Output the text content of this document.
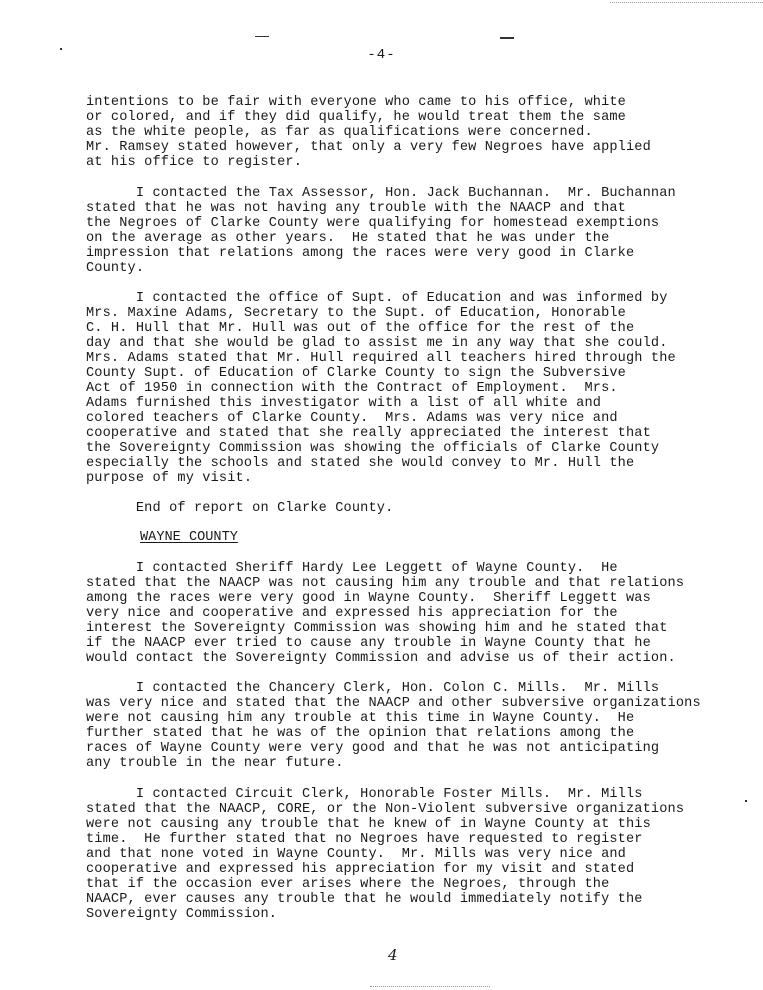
-4-

intentions to be fair with everyone who came to his office, white
or colored, and if they did qualify, he would treat them the same
as the white people, as far as qualifications were concerned.
Mr. Ramsey stated however, that only a very few Negroes have applied
at his office to register.

I contacted the Tax Assessor, Hon. Jack Buchannan.  Mr. Buchannan
stated that he was not having any trouble with the NAACP and that
the Negroes of Clarke County were qualifying for homestead exemptions
on the average as other years.  He stated that he was under the
impression that relations among the races were very good in Clarke
County.

I contacted the office of Supt. of Education and was informed by
Mrs. Maxine Adams, Secretary to the Supt. of Education, Honorable
C. H. Hull that Mr. Hull was out of the office for the rest of the
day and that she would be glad to assist me in any way that she could.
Mrs. Adams stated that Mr. Hull required all teachers hired through the
County Supt. of Education of Clarke County to sign the Subversive
Act of 1950 in connection with the Contract of Employment.  Mrs.
Adams furnished this investigator with a list of all white and
colored teachers of Clarke County.  Mrs. Adams was very nice and
cooperative and stated that she really appreciated the interest that
the Sovereignty Commission was showing the officials of Clarke County
especially the schools and stated she would convey to Mr. Hull the
purpose of my visit.

End of report on Clarke County.

WAYNE COUNTY

I contacted Sheriff Hardy Lee Leggett of Wayne County.  He
stated that the NAACP was not causing him any trouble and that relations
among the races were very good in Wayne County.  Sheriff Leggett was
very nice and cooperative and expressed his appreciation for the
interest the Sovereignty Commission was showing him and he stated that
if the NAACP ever tried to cause any trouble in Wayne County that he
would contact the Sovereignty Commission and advise us of their action.

I contacted the Chancery Clerk, Hon. Colon C. Mills.  Mr. Mills
was very nice and stated that the NAACP and other subversive organizations
were not causing him any trouble at this time in Wayne County.  He
further stated that he was of the opinion that relations among the
races of Wayne County were very good and that he was not anticipating
any trouble in the near future.

I contacted Circuit Clerk, Honorable Foster Mills.  Mr. Mills
stated that the NAACP, CORE, or the Non-Violent subversive organizations
were not causing any trouble that he knew of in Wayne County at this
time.  He further stated that no Negroes have requested to register
and that none voted in Wayne County.  Mr. Mills was very nice and
cooperative and expressed his appreciation for my visit and stated
that if the occasion ever arises where the Negroes, through the
NAACP, ever causes any trouble that he would immediately notify the
Sovereignty Commission.

4
